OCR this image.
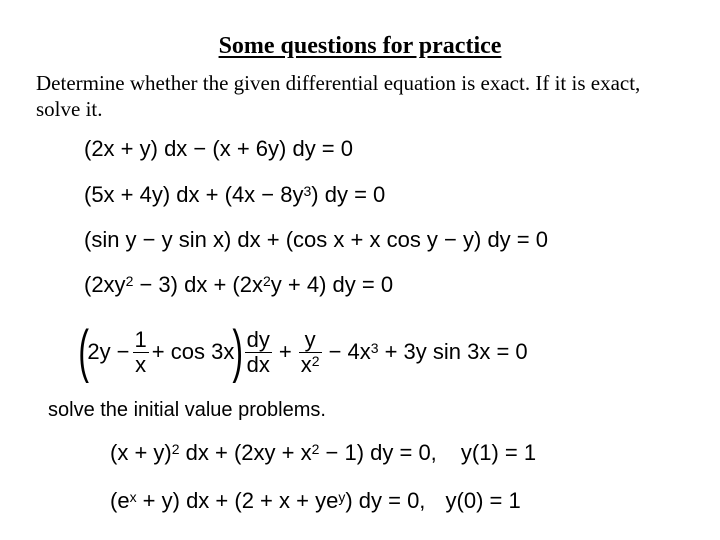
Some questions for practice
Determine whether the given differential equation is exact. If it is exact, solve it.
(2x + y) dx − (x + 6y) dy = 0
(5x + 4y) dx + $(4x - 8y^3)$ dy = 0
(sin y − y sin x) dx + (cos x + x cos y − y) dy = 0
$(2xy^2 - 3)$ dx + $(2x^2y + 4)$ dy = 0
(
$2y - \frac{1}{x} + \cos 3x$
) $\frac{dy}{dx} + \frac{y}{x^2} - 4x^3 + 3y$ sin 3x = 0
solve the initial value problems.
$(x + y)^2$ dx + $(2xy + x^2 - 1)$ dy = 0, y(1) = 1
$(e^x + y)$ dx + $(2 + x + ye^y)$ dy = 0, y(0) = 1
